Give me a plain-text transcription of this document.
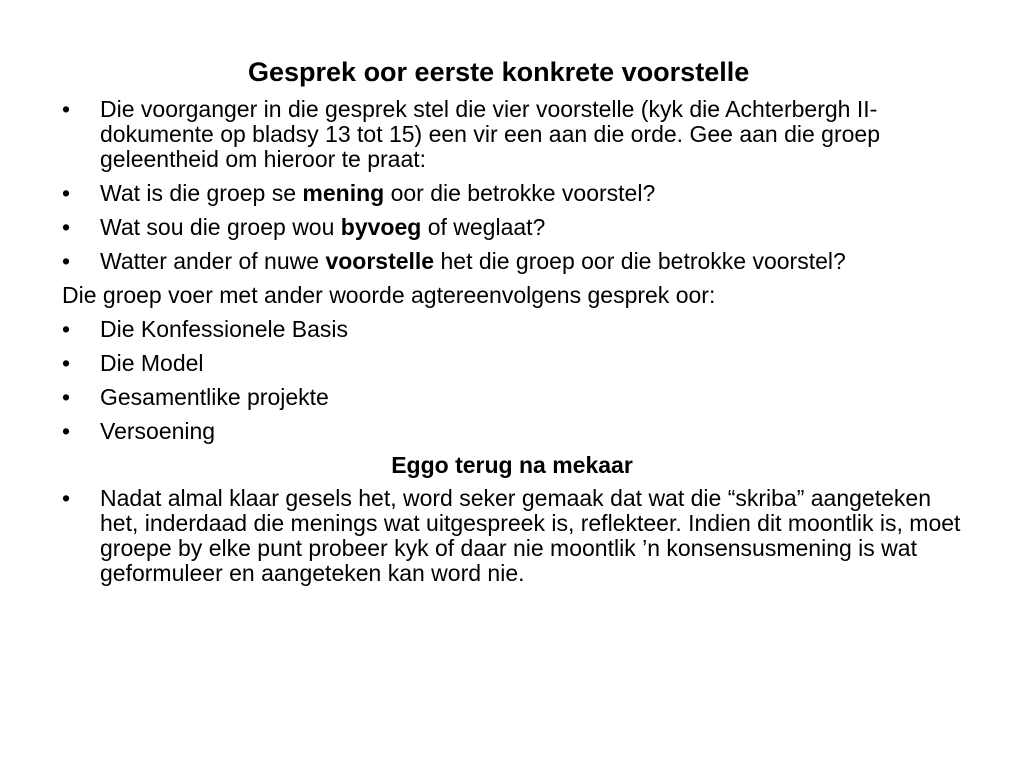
Gesprek oor eerste konkrete voorstelle
•	Die voorganger in die gesprek stel die vier voorstelle (kyk die Achterbergh II-dokumente op bladsy 13 tot 15) een vir een aan die orde. Gee aan die groep geleentheid om hieroor te praat:
•	Wat is die groep se mening oor die betrokke voorstel?
•	Wat sou die groep wou byvoeg of weglaat?
•	Watter ander of nuwe voorstelle het die groep oor die betrokke voorstel?

Die groep voer met ander woorde agtereenvolgens gesprek oor:

•	Die Konfessionele Basis
•	Die Model
•	Gesamentlike projekte
•	Versoening
Eggo terug na mekaar
•	Nadat almal klaar gesels het, word seker gemaak dat wat die “skriba” aangeteken het, inderdaad die menings wat uitgespreek is, reflekteer. Indien dit moontlik is, moet groepe by elke punt probeer kyk of daar nie moontlik ’n konsensusmening is wat geformuleer en aangeteken kan word nie.
